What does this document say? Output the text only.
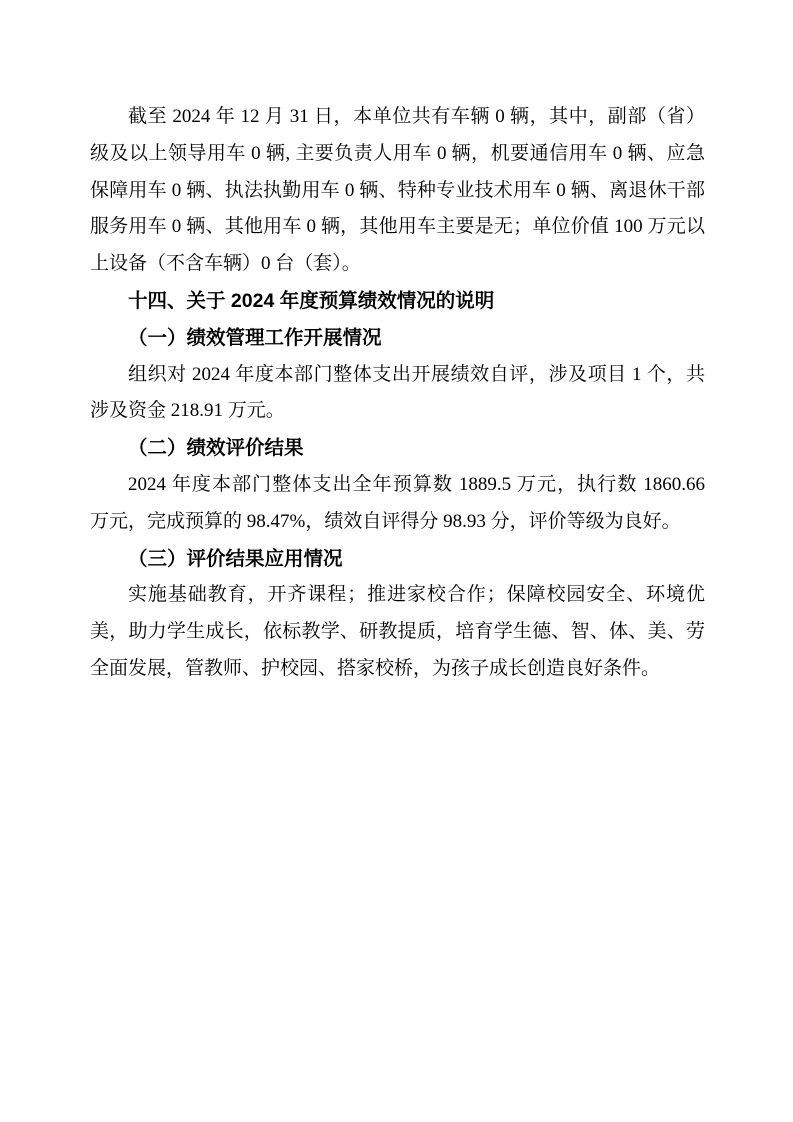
截至 2024 年 12 月 31 日，本单位共有车辆 0 辆，其中，副部（省）
级及以上领导用车 0 辆, 主要负责人用车 0 辆，机要通信用车 0 辆、应急
保障用车 0 辆、执法执勤用车 0 辆、特种专业技术用车 0 辆、离退休干部
服务用车 0 辆、其他用车 0 辆，其他用车主要是无；单位价值 100 万元以
上设备（不含车辆）0 台（套）。
十四、关于 2024 年度预算绩效情况的说明
（一）绩效管理工作开展情况
组织对 2024 年度本部门整体支出开展绩效自评，涉及项目 1 个，共
涉及资金 218.91 万元。
（二）绩效评价结果
2024 年度本部门整体支出全年预算数 1889.5 万元，执行数 1860.66
万元，完成预算的 98.47%，绩效自评得分 98.93 分，评价等级为良好。
（三）评价结果应用情况
实施基础教育，开齐课程；推进家校合作；保障校园安全、环境优
美，助力学生成长，依标教学、研教提质，培育学生德、智、体、美、劳
全面发展，管教师、护校园、搭家校桥，为孩子成长创造良好条件。
